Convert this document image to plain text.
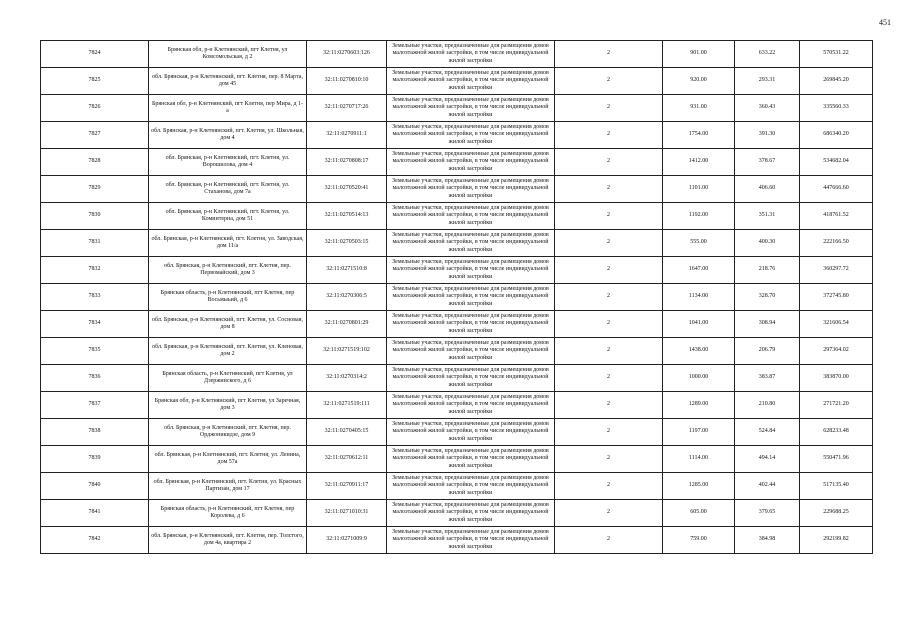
451
7824	Брянская обл, р-н Клетнянский, пгт Клетня, ул Комсомольская, д 2	32:11:0270603:126	Земельные участки, предназначенные для размещения домов малоэтажной жилой застройки, в том числе индивидуальной жилой застройки	2	901.00	633.22	570531.22
7825	обл. Брянская, р-н Клетнянский, пгт. Клетня, пер. 8 Марта, дом 45	32:11:0270810:10	Земельные участки, предназначенные для размещения домов малоэтажной жилой застройки, в том числе индивидуальной жилой застройки	2	920.00	293.31	269845.20
7826	Брянская обл, р-н Клетнянский, пгт Клетня, пер Мира, д 1-а	32:11:0270717:26	Земельные участки, предназначенные для размещения домов малоэтажной жилой застройки, в том числе индивидуальной жилой застройки	2	931.00	360.43	335560.33
7827	обл. Брянская, р-н Клетнянский, пгт. Клетня, ул. Школьная, дом 4	32:11:0270911:1	Земельные участки, предназначенные для размещения домов малоэтажной жилой застройки, в том числе индивидуальной жилой застройки	2	1754.00	391.30	686340.20
7828	обл. Брянская, р-н Клетнянский, пгт. Клетня, ул. Ворошилова, дом 4	32:11:0270808:17	Земельные участки, предназначенные для размещения домов малоэтажной жилой застройки, в том числе индивидуальной жилой застройки	2	1412.00	378.67	534682.04
7829	обл. Брянская, р-н Клетнянский, пгт. Клетня, ул. Стаханова, дом 7а	32:11:0270520:41	Земельные участки, предназначенные для размещения домов малоэтажной жилой застройки, в том числе индивидуальной жилой застройки	2	1101.00	406.60	447666.60
7830	обл. Брянская, р-н Клетнянский, пгт. Клетня, ул. Коминтерна, дом 51	32:11:0270514:13	Земельные участки, предназначенные для размещения домов малоэтажной жилой застройки, в том числе индивидуальной жилой застройки	2	1192.00	351.31	418761.52
7831	обл. Брянская, р-н Клетнянский, пгт. Клетня, ул. Заводская, дом 11/а	32:11:0270503:15	Земельные участки, предназначенные для размещения домов малоэтажной жилой застройки, в том числе индивидуальной жилой застройки	2	555.00	400.30	222166.50
7832	обл. Брянская, р-н Клетнянский, пгт. Клетня, пер. Первомайский, дом 3	32:11:0271510:8	Земельные участки, предназначенные для размещения домов малоэтажной жилой застройки, в том числе индивидуальной жилой застройки	2	1647.00	218.76	360297.72
7833	Брянская область, р-н Клетнянский, пгт Клетня, пер Восьмыьий, д 6	32:11:0270306:5	Земельные участки, предназначенные для размещения домов малоэтажной жилой застройки, в том числе индивидуальной жилой застройки	2	1134.00	328.70	372745.80
7834	обл. Брянская, р-н Клетнянский, пгт. Клетня, ул. Сосновая, дом 8	32:11:0270801:29	Земельные участки, предназначенные для размещения домов малоэтажной жилой застройки, в том числе индивидуальной жилой застройки	2	1041.00	308.94	321606.54
7835	обл. Брянская, р-н Клетнянский, пгт. Клетня, ул. Кленовая, дом 2	32:11:0271519:102	Земельные участки, предназначенные для размещения домов малоэтажной жилой застройки, в том числе индивидуальной жилой застройки	2	1438.00	206.79	297364.02
7836	Брянская область, р-н Клетнянский, пгт Клетня, ул Дзержинского, д 6	32:11:0270314:2	Земельные участки, предназначенные для размещения домов малоэтажной жилой застройки, в том числе индивидуальной жилой застройки	2	1000.00	383.87	383870.00
7837	Брянская обл, р-н Клетнянский, пгт Клетня, ул Заречная, дом 3	32:11:0271519:111	Земельные участки, предназначенные для размещения домов малоэтажной жилой застройки, в том числе индивидуальной жилой застройки	2	1289.00	210.80	271721.20
7838	обл. Брянская, р-н Клетнянский, пгт. Клетня, пер. Орджоникидзе, дом 9	32:11:0270405:15	Земельные участки, предназначенные для размещения домов малоэтажной жилой застройки, в том числе индивидуальной жилой застройки	2	1197.00	524.84	628233.48
7839	обл. Брянская, р-н Клетнянский, пгт. Клетня, ул. Ленина, дом 57а	32:11:0270612:11	Земельные участки, предназначенные для размещения домов малоэтажной жилой застройки, в том числе индивидуальной жилой застройки	2	1114.00	494.14	550471.96
7840	обл. Брянская, р-н Клетнянский, пгт. Клетня, ул. Красных Партизан, дом 17	32:11:0270911:17	Земельные участки, предназначенные для размещения домов малоэтажной жилой застройки, в том числе индивидуальной жилой застройки	2	1285.00	402.44	517135.40
7841	Брянская область, р-н Клетнянский, пгт Клетня, пер Королева, д 6	32:11:0271010:31	Земельные участки, предназначенные для размещения домов малоэтажной жилой застройки, в том числе индивидуальной жилой застройки	2	605.00	379.65	229688.25
7842	обл. Брянская, р-н Клетнянский, пгт. Клетня, пер. Толстого, дом 4а, квартира 2	32:11:0271009:9	Земельные участки, предназначенные для размещения домов малоэтажной жилой застройки, в том числе индивидуальной жилой застройки	2	759.00	384.98	292199.82
